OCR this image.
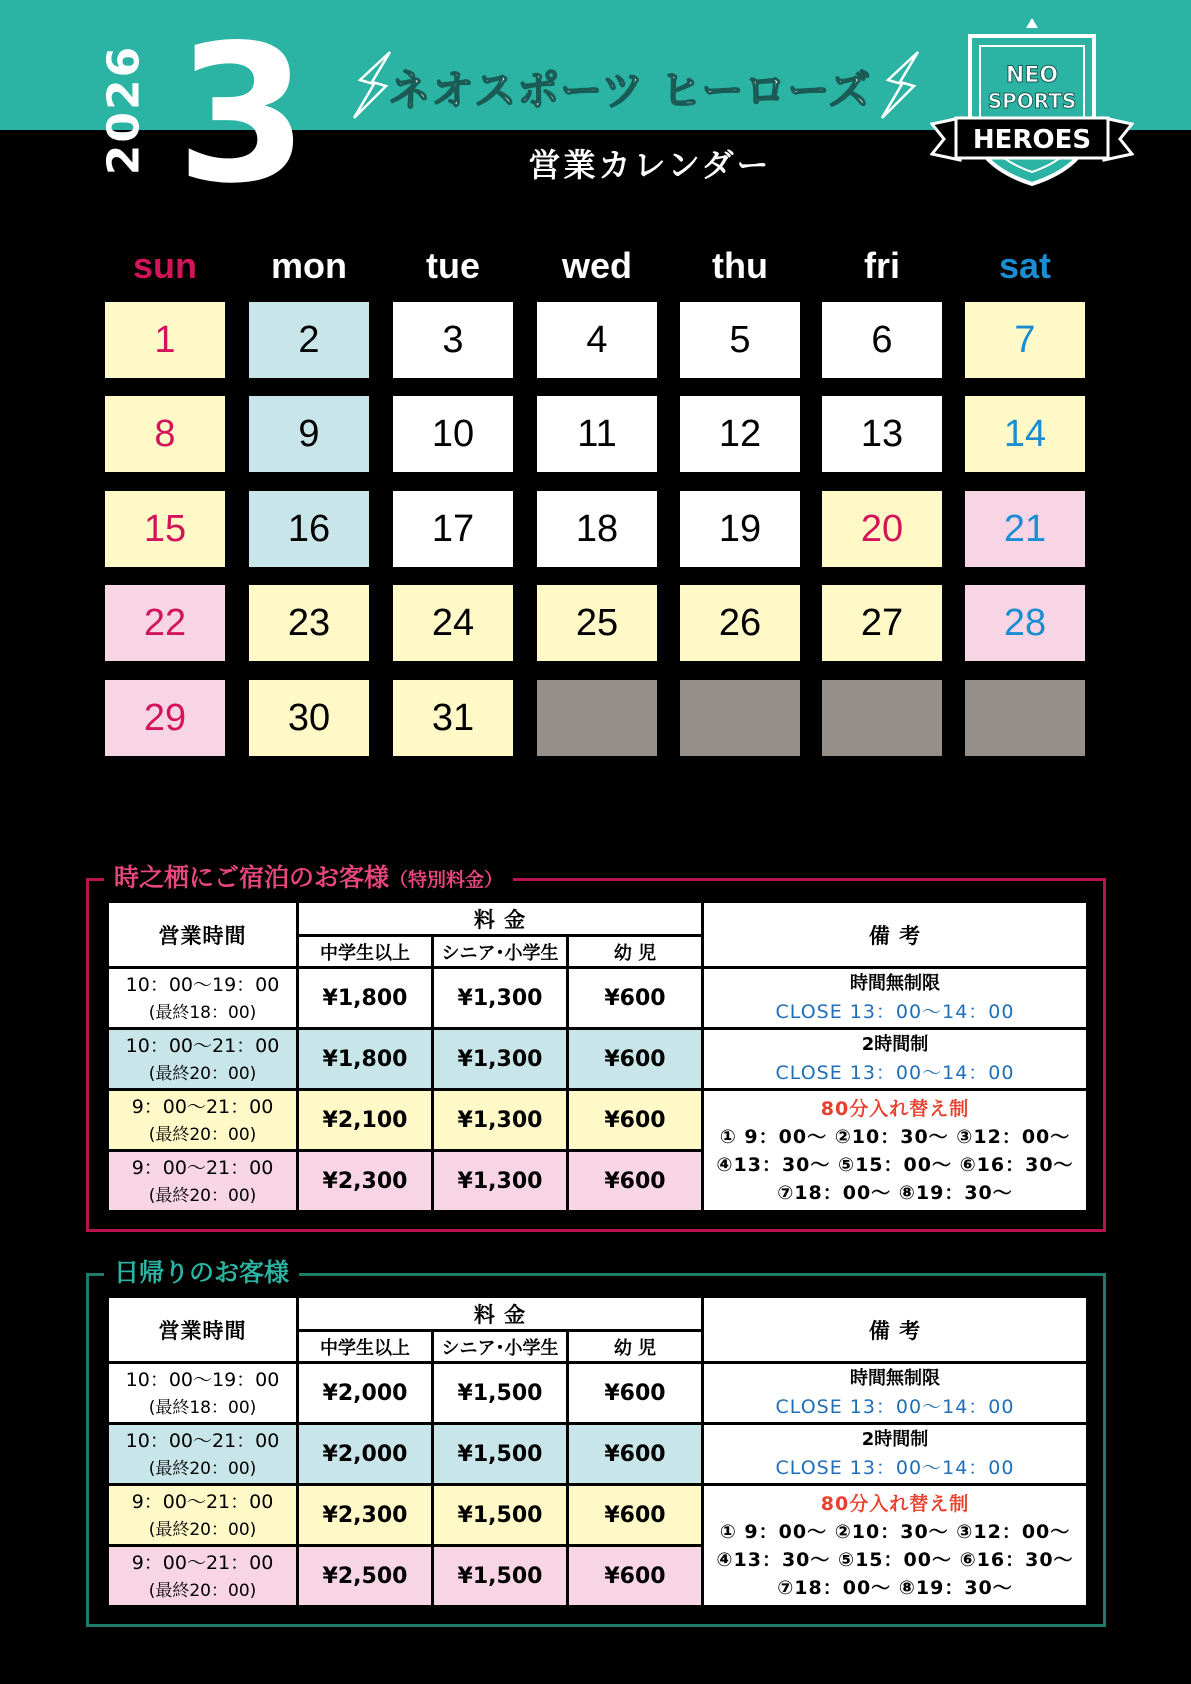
2026 3	ネオスポーツ ヒーローズ
営業カレンダー
NEO
SPORTS
HEROES
sun	mon	tue	wed	thu	fri	sat
1	2	3	4	5	6	7
8	9	10	11	12	13	14
15	16	17	18	19	20	21
22	23	24	25	26	27	28
29	30	31
時之栖にご宿泊のお客様（特別料金）
営業時間	料 金			備 考
	中学生以上	シニア･小学生	幼 児	
10：00〜19：00
(最終18：00)	¥1,800	¥1,300	¥600	時間無制限
CLOSE 13：00〜14：00

10：00〜21：00
(最終20：00)	¥1,800	¥1,300	¥600	2時間制
CLOSE 13：00〜14：00

9：00〜21：00
(最終20：00)	¥2,100	¥1,300	¥600	80分入れ替え制
① 9：00〜 ②10：30〜 ③12：00〜
④13：30〜 ⑤15：00〜 ⑥16：30〜
⑦18：00〜 ⑧19：30〜

9：00〜21：00
(最終20：00)	¥2,300	¥1,300	¥600	
日帰りのお客様
営業時間	料 金			備 考
	中学生以上	シニア･小学生	幼 児	
10：00〜19：00
(最終18：00)	¥2,000	¥1,500	¥600	時間無制限
CLOSE 13：00〜14：00

10：00〜21：00
(最終20：00)	¥2,000	¥1,500	¥600	2時間制
CLOSE 13：00〜14：00

9：00〜21：00
(最終20：00)	¥2,300	¥1,500	¥600	80分入れ替え制
① 9：00〜 ②10：30〜 ③12：00〜
④13：30〜 ⑤15：00〜 ⑥16：30〜
⑦18：00〜 ⑧19：30〜

9：00〜21：00
(最終20：00)	¥2,500	¥1,500	¥600	
